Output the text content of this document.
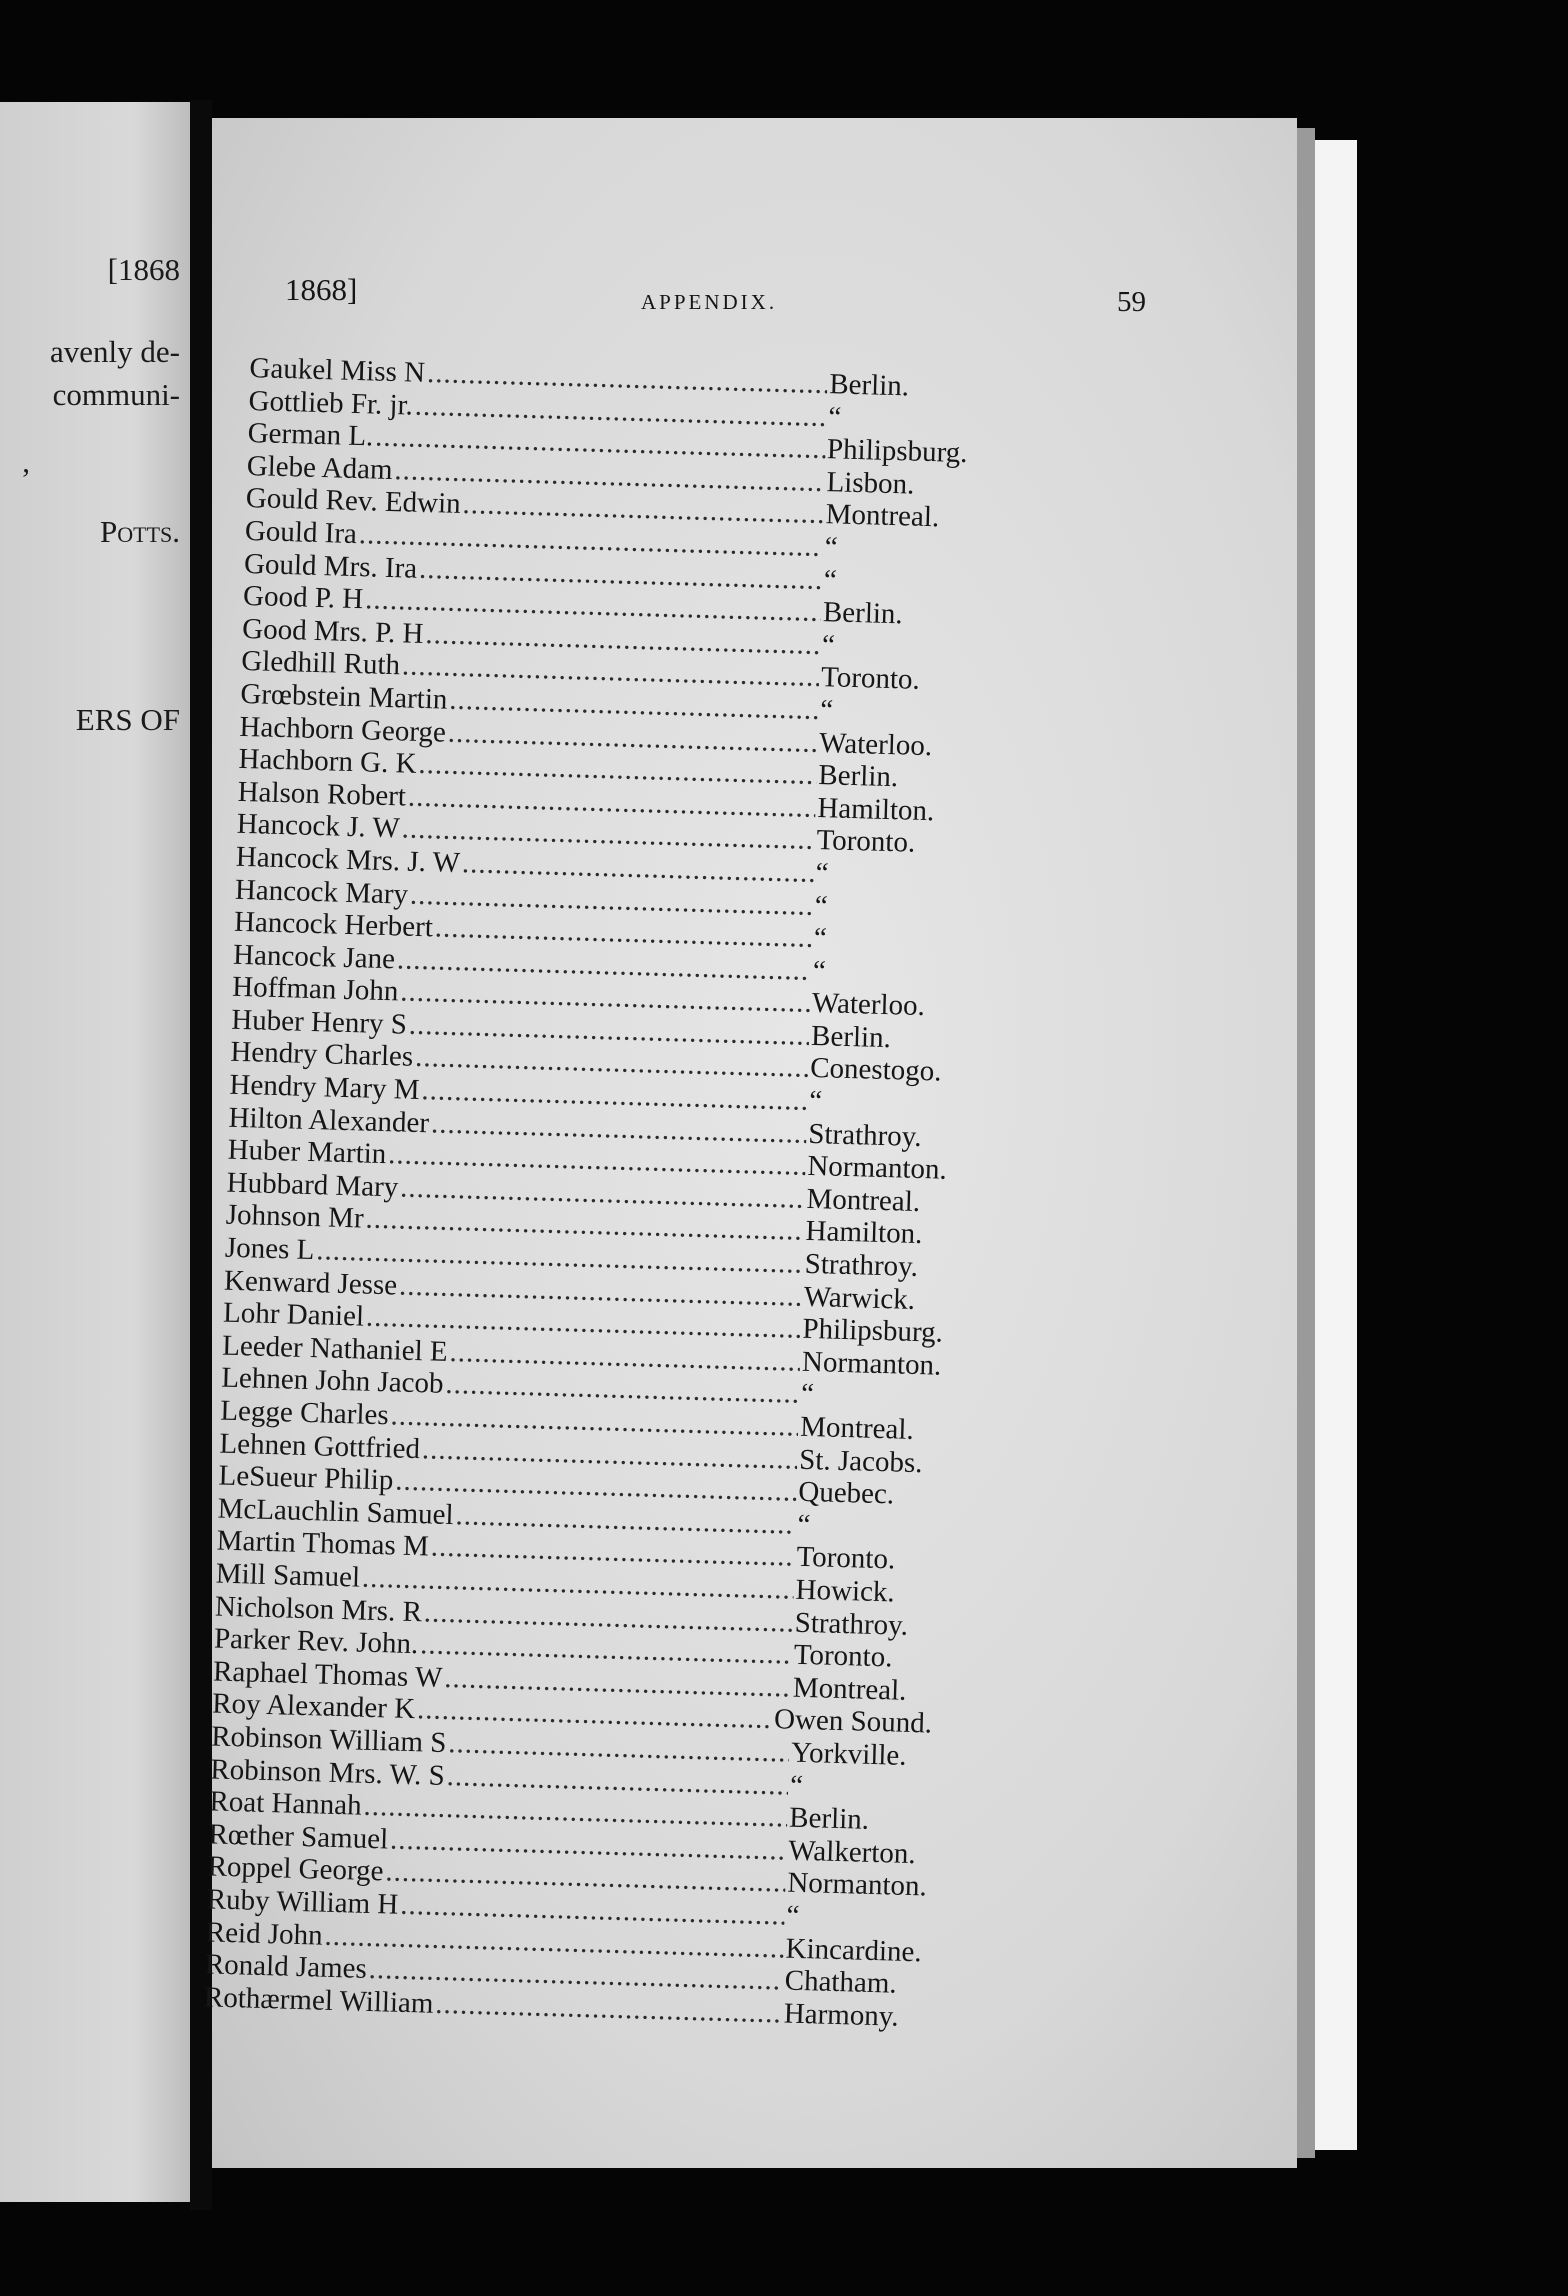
[1868
avenly de-
communi-
,
Potts.
ERS OF
1868]	APPENDIX.	59
Gaukel Miss N .....	Berlin.
Gottlieb Fr. jr. .....	“
German L. .....	Philipsburg.
Glebe Adam .....	Lisbon.
Gould Rev. Edwin .....	Montreal.
Gould Ira .....	“
Gould Mrs. Ira .....	“
Good P. H .....	Berlin.
Good Mrs. P. H .....	“
Gledhill Ruth .....	Toronto.
Grœbstein Martin .....	“
Hachborn George .....	Waterloo.
Hachborn G. K .....	Berlin.
Halson Robert .....	Hamilton.
Hancock J. W .....	Toronto.
Hancock Mrs. J. W .....	“
Hancock Mary .....	“
Hancock Herbert .....	“
Hancock Jane .....	“
Hoffman John .....	Waterloo.
Huber Henry S .....	Berlin.
Hendry Charles .....	Conestogo.
Hendry Mary M .....	“
Hilton Alexander .....	Strathroy.
Huber Martin .....	Normanton.
Hubbard Mary .....	Montreal.
Johnson Mr .....	Hamilton.
Jones L .....	Strathroy.
Kenward Jesse .....	Warwick.
Lohr Daniel .....	Philipsburg.
Leeder Nathaniel E .....	Normanton.
Lehnen John Jacob .....	“
Legge Charles .....	Montreal.
Lehnen Gottfried .....	St. Jacobs.
LeSueur Philip .....	Quebec.
McLauchlin Samuel .....	“
Martin Thomas M .....	Toronto.
Mill Samuel .....	Howick.
Nicholson Mrs. R .....	Strathroy.
Parker Rev. John. .....	Toronto.
Raphael Thomas W .....	Montreal.
Roy Alexander K .....	Owen Sound.
Robinson William S .....	Yorkville.
Robinson Mrs. W. S .....	“
Roat Hannah .....	Berlin.
Rœther Samuel .....	Walkerton.
Roppel George .....	Normanton.
Ruby William H .....	“
Reid John .....	Kincardine.
Ronald James .....	Chatham.
Rothærmel William .....	Harmony.
